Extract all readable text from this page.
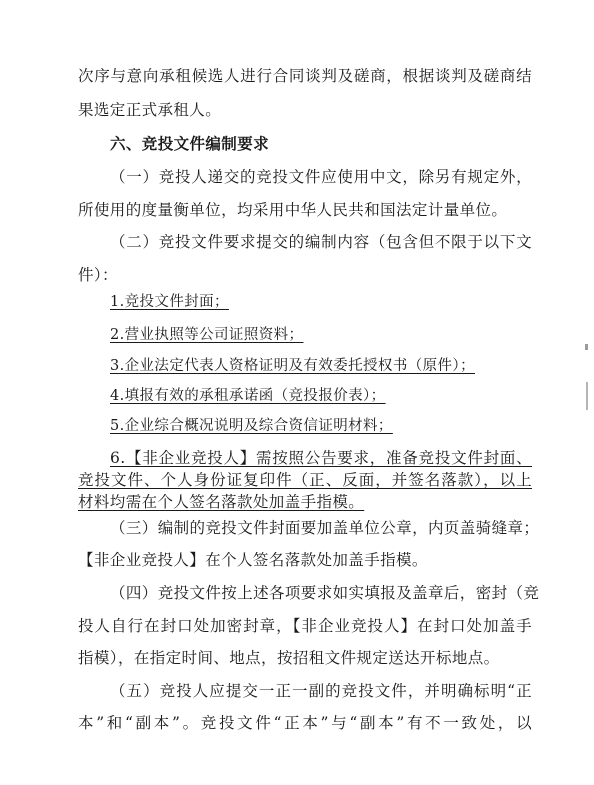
次序与意向承租候选人进行合同谈判及磋商，根据谈判及磋商结
果选定正式承租人。
六、竞投文件编制要求
（一）竞投人递交的竞投文件应使用中文，除另有规定外，
所使用的度量衡单位，均采用中华人民共和国法定计量单位。
（二）竞投文件要求提交的编制内容（包含但不限于以下文
件）：
1.竞投文件封面；
2.营业执照等公司证照资料；
3.企业法定代表人资格证明及有效委托授权书（原件）；
4.填报有效的承租承诺函（竞投报价表）；
5.企业综合概况说明及综合资信证明材料；
6.【非企业竞投人】需按照公告要求，准备竞投文件封面、
竞投文件、个人身份证复印件（正、反面，并签名落款），以上
材料均需在个人签名落款处加盖手指模。
（三）编制的竞投文件封面要加盖单位公章，内页盖骑缝章；
【非企业竞投人】在个人签名落款处加盖手指模。
（四）竞投文件按上述各项要求如实填报及盖章后，密封（竞
投人自行在封口处加密封章，【非企业竞投人】在封口处加盖手
指模），在指定时间、地点，按招租文件规定送达开标地点。
（五）竞投人应提交一正一副的竞投文件，并明确标明“正
本”和“副本”。竞投文件“正本”与“副本”有不一致处，以
